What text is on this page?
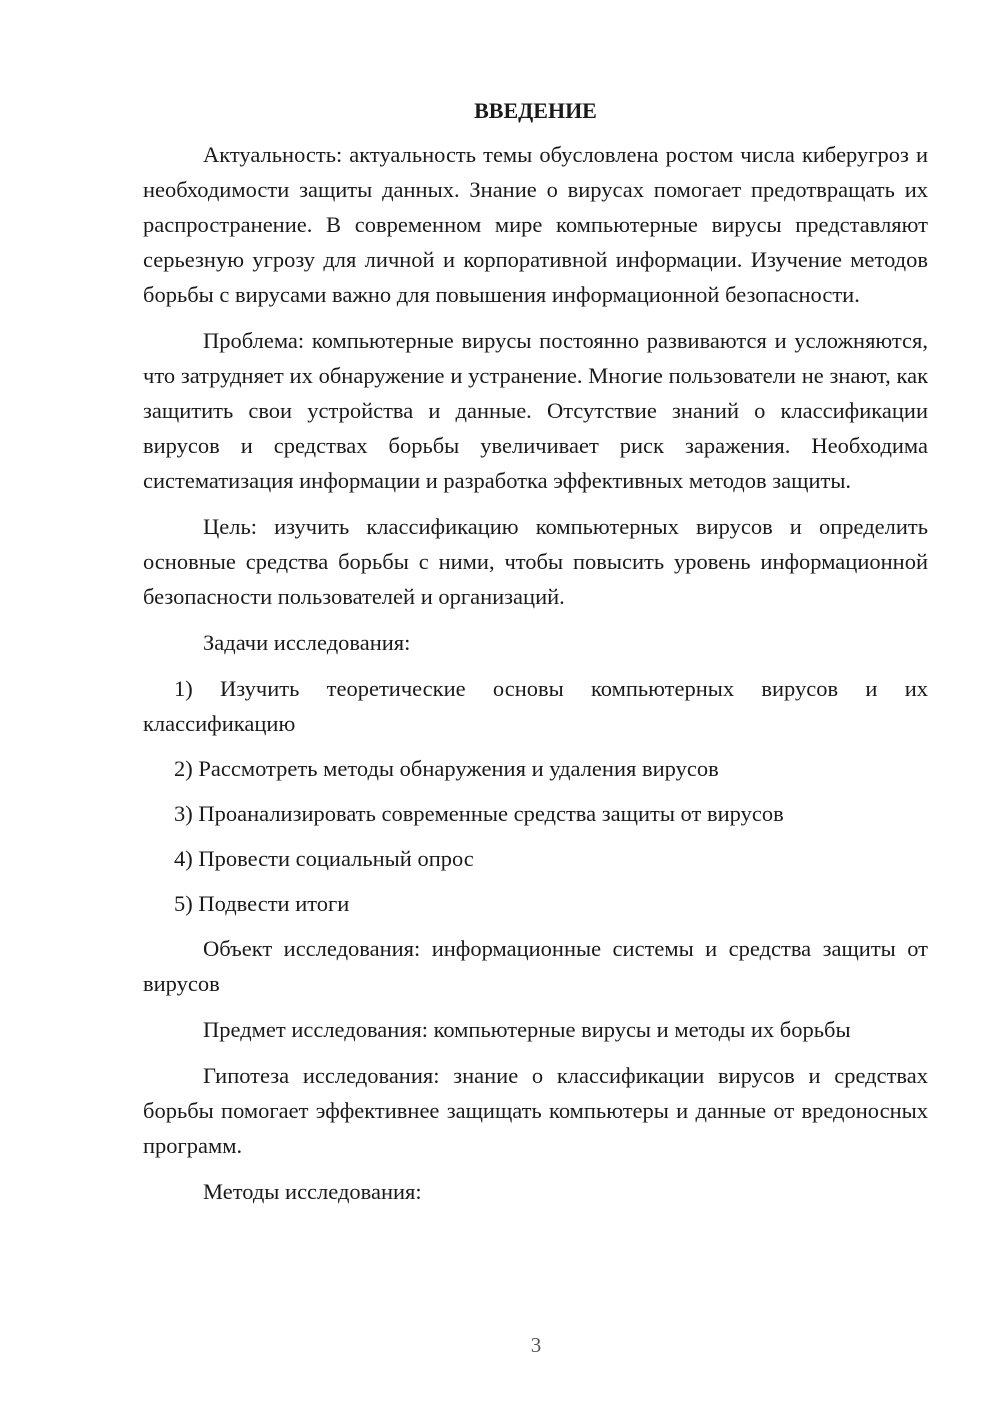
ВВЕДЕНИЕ

Актуальность: актуальность темы обусловлена ростом числа киберугроз и необходимости защиты данных. Знание о вирусах помогает предотвращать их распространение. В современном мире компьютерные вирусы представляют серьезную угрозу для личной и корпоративной информации. Изучение методов борьбы с вирусами важно для повышения информационной безопасности.

Проблема: компьютерные вирусы постоянно развиваются и усложняются, что затрудняет их обнаружение и устранение. Многие пользователи не знают, как защитить свои устройства и данные. Отсутствие знаний о классификации вирусов и средствах борьбы увеличивает риск заражения. Необходима систематизация информации и разработка эффективных методов защиты.

Цель: изучить классификацию компьютерных вирусов и определить основные средства борьбы с ними, чтобы повысить уровень информационной безопасности пользователей и организаций.

Задачи исследования:

1) Изучить теоретические основы компьютерных вирусов и их классификацию

2) Рассмотреть методы обнаружения и удаления вирусов

3) Проанализировать современные средства защиты от вирусов

4) Провести социальный опрос

5) Подвести итоги

Объект исследования: информационные системы и средства защиты от вирусов

Предмет исследования: компьютерные вирусы и методы их борьбы

Гипотеза исследования: знание о классификации вирусов и средствах борьбы помогает эффективнее защищать компьютеры и данные от вредоносных программ.

Методы исследования:

3
